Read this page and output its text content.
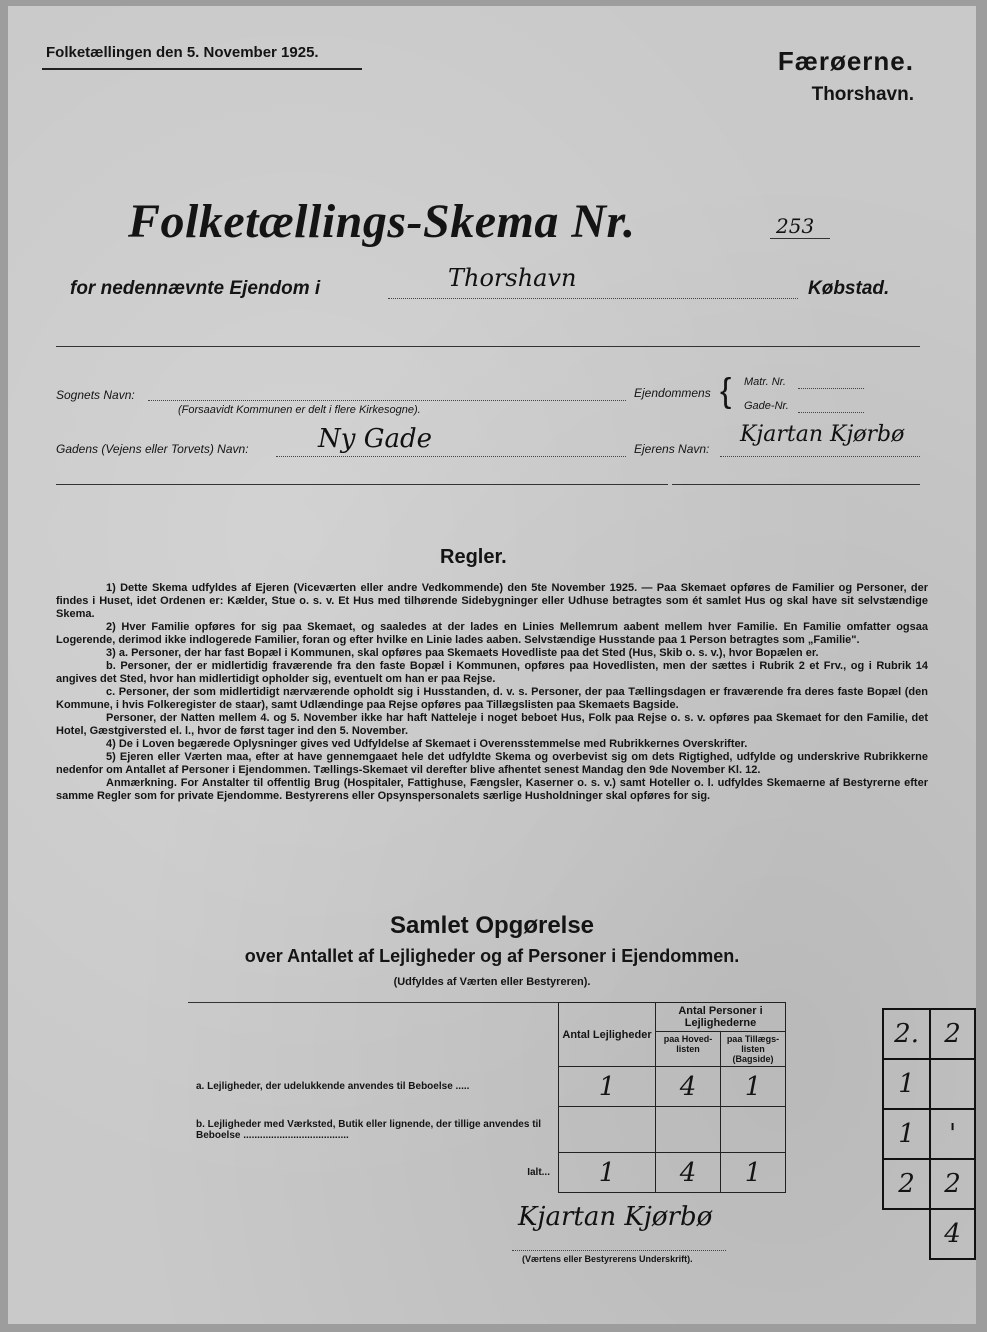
Folketællingen den 5. November 1925.	Færøerne.
Thorshavn.
Folketællings-Skema Nr.	253
for nedennævnte Ejendom i	Thorshavn	Købstad.
Sognets Navn:
(Forsaavidt Kommunen er delt i flere Kirkesogne).
Ejendommens { Matr. Nr.
Gade-Nr.
Gadens (Vejens eller Torvets) Navn:	Ny Gade	Ejerens Navn:
Kjartan Kjørbø
Regler.

1) Dette Skema udfyldes af Ejeren (Viceværten eller andre Vedkommende) den 5te November 1925. — Paa Skemaet opføres de Familier og Personer, der findes i Huset, idet Ordenen er: Kælder, Stue o. s. v. Et Hus med tilhørende Sidebygninger eller Udhuse betragtes som ét samlet Hus og skal have sit selvstændige Skema.

2) Hver Familie opføres for sig paa Skemaet, og saaledes at der lades en Linies Mellemrum aabent mellem hver Familie. En Familie omfatter ogsaa Logerende, derimod ikke indlogerede Familier, foran og efter hvilke en Linie lades aaben. Selvstændige Husstande paa 1 Person betragtes som „Familie".

3) a. Personer, der har fast Bopæl i Kommunen, skal opføres paa Skemaets Hovedliste paa det Sted (Hus, Skib o. s. v.), hvor Bopælen er.

b. Personer, der er midlertidig fraværende fra den faste Bopæl i Kommunen, opføres paa Hovedlisten, men der sættes i Rubrik 2 et Frv., og i Rubrik 14 angives det Sted, hvor han midlertidigt opholder sig, eventuelt om han er paa Rejse.

c. Personer, der som midlertidigt nærværende opholdt sig i Husstanden, d. v. s. Personer, der paa Tællingsdagen er fraværende fra deres faste Bopæl (den Kommune, i hvis Folkeregister de staar), samt Udlændinge paa Rejse opføres paa Tillægslisten paa Skemaets Bagside.

Personer, der Natten mellem 4. og 5. November ikke har haft Natteleje i noget beboet Hus, Folk paa Rejse o. s. v. opføres paa Skemaet for den Familie, det Hotel, Gæstgiversted el. l., hvor de først tager ind den 5. November.

4) De i Loven begærede Oplysninger gives ved Udfyldelse af Skemaet i Overensstemmelse med Rubrikkernes Overskrifter.

5) Ejeren eller Værten maa, efter at have gennemgaaet hele det udfyldte Skema og overbevist sig om dets Rigtighed, udfylde og underskrive Rubrikkerne nedenfor om Antallet af Personer i Ejendommen. Tællings-Skemaet vil derefter blive afhentet senest Mandag den 9de November Kl. 12.

Anmærkning. For Anstalter til offentlig Brug (Hospitaler, Fattighuse, Fængsler, Kaserner o. s. v.) samt Hoteller o. l. udfyldes Skemaerne af Bestyrerne efter samme Regler som for private Ejendomme. Bestyrerens eller Opsynspersonalets særlige Husholdninger skal opføres for sig.

Samlet Opgørelse
over Antallet af Lejligheder og af Personer i Ejendommen.
(Udfyldes af Værten eller Bestyreren).
	Antal Lejligheder	Antal Personer i Lejlighederne
paa Hoved-listen
paa Tillægs-listen (Bagside)	

a. Lejligheder, der udelukkende anvendes til Beboelse .....	1	4	1
b. Lejligheder med Værksted, Butik eller lignende, der tillige anvendes til Beboelse ......................................			
Ialt...	1	4	1
2.	2
1	
1	'
2	2
	4
Kjartan Kjørbø
(Værtens eller Bestyrerens Underskrift).
